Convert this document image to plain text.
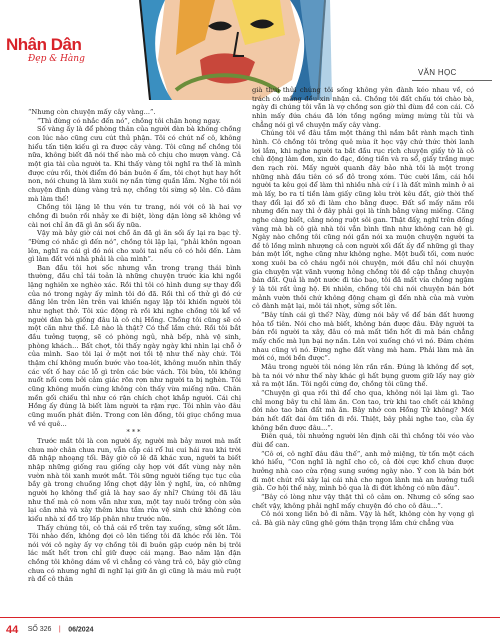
Nhân Dân
Đẹp & Hàng
VĂN HỌC

“Nhưng còn chuyện mấy cây vàng...”.

“Thì đừng có nhắc đến nó”, chồng tôi chặn họng ngay.

Số vàng ấy là để phòng thân của người đàn bà không chồng con lúc nào cũng cưu cút thủ phận. Tôi có chút nể cô, không hiểu tấn tiện kiếu gì ra được cây vàng. Tôi cũng nể chồng tôi nữa, không biết đã nói thế nào mà cô chịu cho mượn vàng. Cả một gia tài của người ta. Khi thấy vàng tôi nghĩ ra thế là mình được cứu rồi, thời điểm đó bán buôn ế ẩm, tôi chọt hụt hay hốt non, nói chung là làm xuôi nợ nần từng quần lắm. Nghe tôi nói chuyện định dùng vàng trả nợ, chồng tôi sừng sộ lên. Cô đâm mà làm thế!

Chồng tôi lặng lẽ thu vén tư trang, nói với cô là hai vợ chồng đi buôn rồi nhảy xe đi biệt, lòng dặn lòng sẽ không về cài nơi chỉ ăn đã gì ăn sối ấy nữa.

Vậy mà bảy giờ cái nơi chồ ăn đã gì ăn sối ấy lại ra bạc tỷ. “Đừng có nhắc gì đến nó”, chồng tôi lặp lại, “phải khôn ngoan lên, nghĩ ra cái gì đó nói cho xuôi tai nếu cô có hỏi đến. Làm gì làm đất với nhà phải là của mình”.

Ban đầu tôi hơi sốc nhưng vẫn trong trạng thái bình thường, đầu chỉ tái toản là những chuyện trước kia khi ngồi lặng nghiên xe nghèo xác. Rồi thì tôi có hình dung sự thay đổi của nó trong ngày ấy mình tôi đó đã. Rồi thì cố thử gì đó cứ đăng lên trên lên trên vai khiến ngay lập tôi khiến người tôi như nghẹt thở. Tôi xúc động rà rồi khi nghe chồng tôi kể về người đàn bà giống đâu là cô chị Hồng. Chồng tôi cũng sẽ có một căn như thế. Lẽ nào là thật? Có thể lắm chứ. Rồi tôi bắt đầu tưởng tượng, sẽ có phòng ngủ, nhà bếp, nhà vệ sinh, phòng khách... Bất chợt, tôi thấy ngày ngày khi nhìn lại chỗ ở của mình. Sao tôi lại ở một nơi tồi tệ như thế này chứ. Tôi thậm chí không muốn bước vào toa-lét, không muốn nhìn thấy các vết ố hay các lỗ gì trên các bức vách. Tôi bửa, tôi không nuốt nổi cơm bởi cảm giác rõn rợn như người ta bị nghèn. Tôi cũng không muốn cùng không còn thấy vừa miếng nữa. Chân mền gối chiếu thì như có rận chích chọt khắp người. Cái chị Hồng ấy đúng là biết làm người ta rậm rực. Tôi nhìn vào đâu cũng muốn phát điên. Trong cơn lên đồng, tôi giục chồng mua về vé quê...

***

Trước mắt tôi là con người ấy, người mà bảy mươi mà mất chưa mờ chân chưa run, vẫn cắp cái rổ lui cui hái rau khi trời đã nhập nhoạng tối. Bây giờ cô lê đã khác xưa, người ta biết nhập những giống rau giống cây hợp với đất vùng này nên vườn nhà tôi xanh mướt mắt. Tôi sững người tiếng tục tục của bầy gà trong chuồng lồng chợt dậy lên ý nghĩ, ừa, có những người họ không thể giả là hay sao ấy nhỉ? Chúng tôi đã lâu như thế mà cô nom vẫn như xưa, một tay nuôi trồng còn sửa lại căn nhà và xây thêm khu tắm rửa vệ sinh chứ không còn kiểu nhà xí đổ trọ lấp phân như trước nữa.

Thấy chúng tôi, cô thả cái rổ trên tay xuống, sững sốt lắm. Tôi nhào đến, không đợi cô lên tiếng tôi đã khóc rồi lên. Tôi nói với cô ngày ấy vợ chồng tôi đi buôn gặp cướp nên bị trôi lác mất hết trơn chỉ giữ được cái mạng. Bao năm lận đận chồng tôi không dám về vì chẳng có vàng trả cô, bây giờ cũng chưa có nhưng nghĩ đi nghĩ lại giữ ăn gì cũng là máu mủ ruột rà để cô thân

già thui thủi chúng tôi sống không yên đành kéo nhau về, có trách có mắng đều xin nhận cả. Chồng tôi đất chấu tới chào bà, ngày đi chúng tôi vẫn là vợ chồng son giờ thì đùm đề con cái. Cô nhìn mấy đứa cháu đã lớn tồng ngồng mừng mừng tủi tủi và chẳng nói gì về chuyện mấy cây vàng.

Chúng tôi về đâu tầm một tháng thì nắm bắt rành mạch tình hình. Cô chồng tôi trông quê mùa ít học vậy chứ thức thời lanh lợi lắm, khi nghe người ta bắt đầu rục rịch chuyện giấy tờ là cô chủ động làm đơn, xin đo đạc, đóng tiền và ra sổ, giấy trắng mực đen rạch ròi. Mấy người quanh đây bảo nhà tôi là một trong những nhà đầu tiên có sổ đỏ trong xóm. Tức cười lắm, cái hồi người ta kêu gọi để làm thì nhiều nhà cứ í i là đất mình mình ở ai mà lấy, bo ra tí tiền làm giấy cũng kêu trời kêu đất, giờ thời thế thay đổi lại đổ xô đi làm cho bằng được. Đất sổ mấy năm rồi nhưng đến nay thì ở đây phải gọi là tính bằng vàng miếng. Căng nghe càng biết, căng nóng ruột sôi gan. Thật đấy, nghĩ trên đống vàng mà bà cô già nhà tôi vẫn bình tĩnh như không can hệ gì. Ngày nào chồng tôi cũng nói gần nói xa muộn chuyện người ta đề tô lồng mình nhượng cả cơn người xối đất ấy để những gì thay bán một lốt, nghe cũng như không nghe. Một buổi tối, cơm nước xong xuôi ba cô cháu ngồi nói chuyện, mới đầu chỉ nói chuyện gia chuyện vặt vãnh vương hỏng chồng tôi đề cập thẳng chuyện bán đất. Quả là một nước đi táo bạo, tôi đã mất vía chồng ngậm ý là tôi rất ủng hộ. Đi nhiên, chồng tôi chi nói chuyện bán bớt mảnh vườn thôi chứ không động chạm gì đến nhà của mà vườn cô đành mặt lại, môi tái nhợt, sửng sốt lên.

“Bây tính cái gì thế? Này, đừng nói bây về để bán đất hương hỏa tổ tiên. Nói cho mà biết, không bán được đâu. Đây người ta bán rồi người ta xây, đâu có mà mất tiền hốt đi mà bán chẳng mấy chốc mà lụn bại nợ nần. Lên voi xuống chó vì nó. Đám chém nhau cũng vì nó. Đừng nghe đất vàng mà ham. Phải làm mà ăn mới có, mới bền được”.

Mâu trong người tôi nóng lên rần rần. Đúng là không để sợt, bà ta nói vớ như thế này khác gì hất bụng gươm giữ lấy nay giờ xả ra một lần. Tôi ngồi cứng đơ, chồng tôi cũng thế.

“Chuyện gì qua rồi thì để cho qua, không nói lại làm gì. Tao chỉ mong bây tu chỉ làm ăn. Con tao, trừ khi tao chết cái không đời nào tao bán đất mà ăn. Bây nhớ con Hồng Tử không? Mới bán hết đất đai ôm tiền đi rồi. Thiệt, bây phải nghe tao, của ấy không bền được đâu...”.

Điên quá, tôi nhưởng người lên định cãi thì chồng tôi véo vào đùi để can.

“Cô ơi, cô nghĩ đâu đâu thế”, anh mở miệng, từ tốn một cách khó hiểu, “Con nghĩ là nghĩ cho cô, cả đời cực khổ chưa được hưởng nhà cao cửa rộng sung sướng ngày nào. Ý con là bán bớt đi một chút rồi xây lại cái nhà cho ngon lành mà an hưởng tuổi già. Cơ hội thế này, mình bỏ qua là đi đứt không có nữa đâu”.

“Bây có lòng như vậy thật thì cô cảm ơn. Nhưng cô sống sao chết vậy, không phải nghĩ mấy chuyện đó cho cô đâu...”.

Cô nói xong liền bỏ đi nằm. Vậy là hết, không còn hy vọng gì cả. Bà già này cũng ghê gớm thận trọng lắm chứ chẳng vừa

44 SỐ 326 | 06/2024
